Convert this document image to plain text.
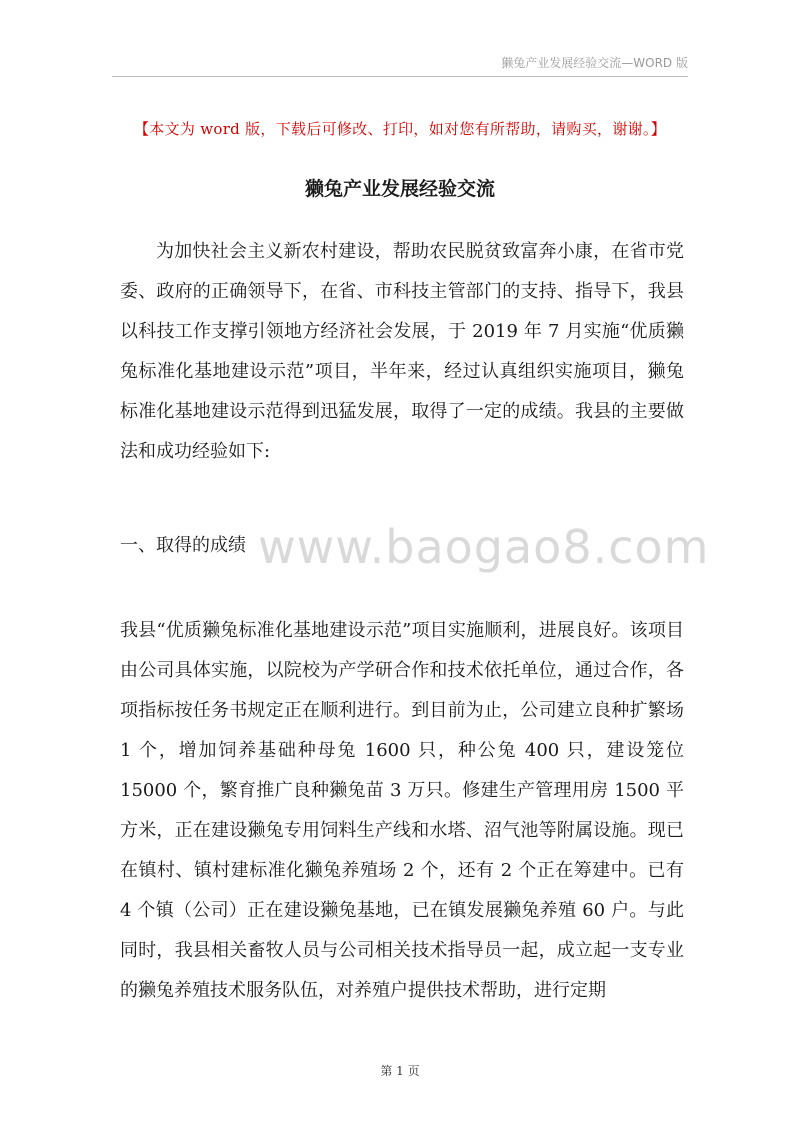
獭兔产业发展经验交流—WORD 版
【本文为 word 版，下载后可修改、打印，如对您有所帮助，请购买，谢谢。】
獭兔产业发展经验交流
为加快社会主义新农村建设，帮助农民脱贫致富奔小康，在省市党委、政府的正确领导下，在省、市科技主管部门的支持、指导下，我县以科技工作支撑引领地方经济社会发展，于 2019 年 7 月实施“优质獭兔标准化基地建设示范”项目，半年来，经过认真组织实施项目，獭兔标准化基地建设示范得到迅猛发展，取得了一定的成绩。我县的主要做法和成功经验如下:
一、取得的成绩 www.baogao8.com
我县“优质獭兔标准化基地建设示范”项目实施顺利，进展良好。该项目由公司具体实施，以院校为产学研合作和技术依托单位，通过合作，各项指标按任务书规定正在顺利进行。到目前为止，公司建立良种扩繁场 1 个，增加饲养基础种母兔 1600 只，种公兔 400 只，建设笼位 15000 个，繁育推广良种獭兔苗 3 万只。修建生产管理用房 1500 平方米，正在建设獭兔专用饲料生产线和水塔、沼气池等附属设施。现已在镇村、镇村建标准化獭兔养殖场 2 个，还有 2 个正在筹建中。已有 4 个镇（公司）正在建设獭兔基地，已在镇发展獭兔养殖 60 户。与此同时，我县相关畜牧人员与公司相关技术指导员一起，成立起一支专业的獭兔养殖技术服务队伍，对养殖户提供技术帮助，进行定期
第 1 页
